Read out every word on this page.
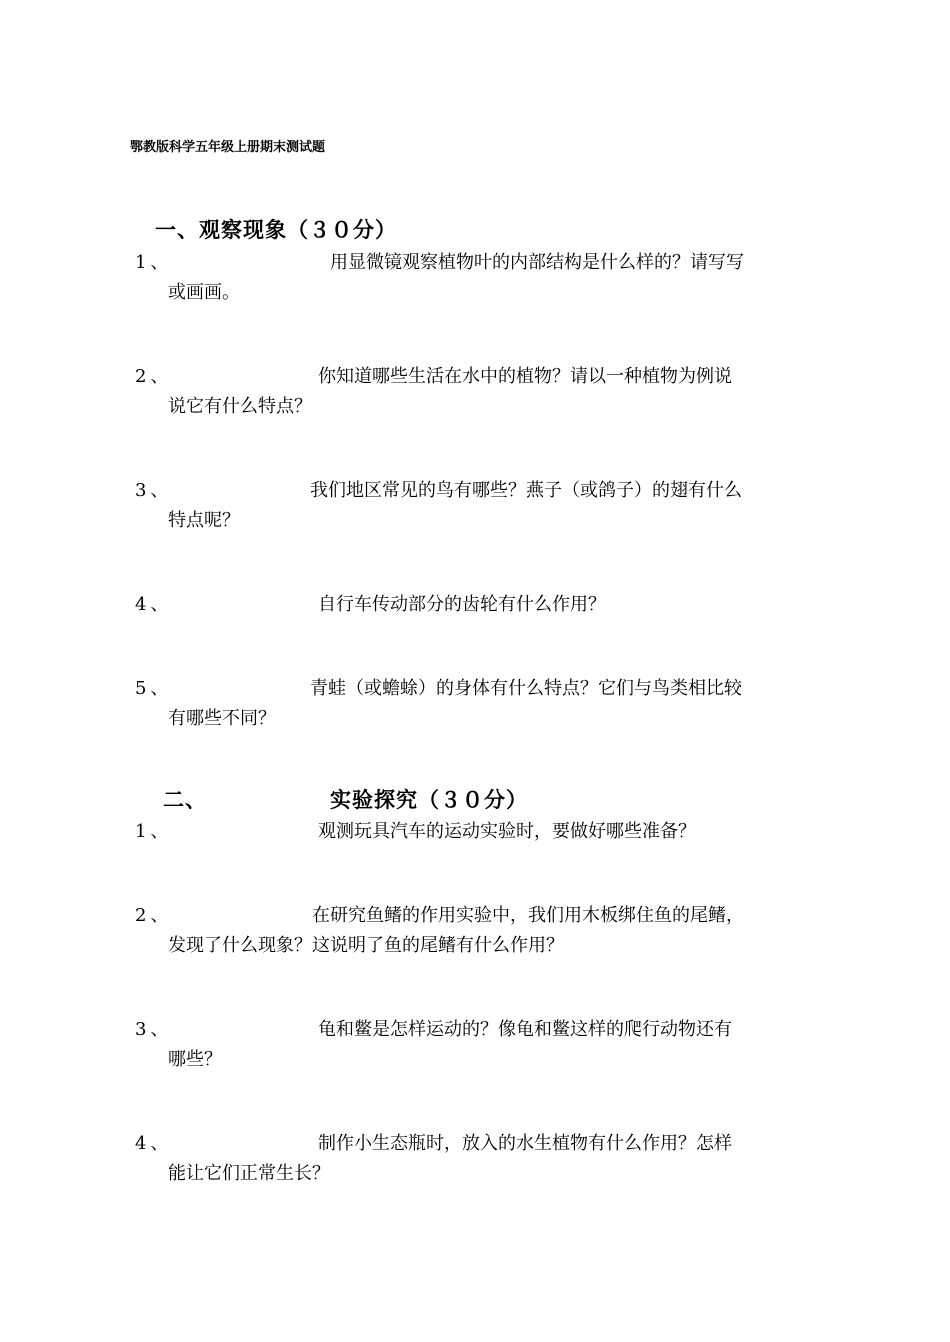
鄂教版科学五年级上册期末测试题
一、观察现象（３０分）
1、	用显微镜观察植物叶的内部结构是什么样的？请写写
或画画。
2、	你知道哪些生活在水中的植物？请以一种植物为例说
说它有什么特点？
3、	我们地区常见的鸟有哪些？燕子（或鸽子）的翅有什么
特点呢？
4、	自行车传动部分的齿轮有什么作用？
5、	青蛙（或蟾蜍）的身体有什么特点？它们与鸟类相比较
有哪些不同？
二、	实验探究（３０分）
1、	观测玩具汽车的运动实验时，要做好哪些准备？
2、	在研究鱼鳍的作用实验中，我们用木板绑住鱼的尾鳍，
发现了什么现象？这说明了鱼的尾鳍有什么作用？
3、	龟和鳖是怎样运动的？像龟和鳖这样的爬行动物还有
哪些？
4、	制作小生态瓶时，放入的水生植物有什么作用？怎样
能让它们正常生长？
